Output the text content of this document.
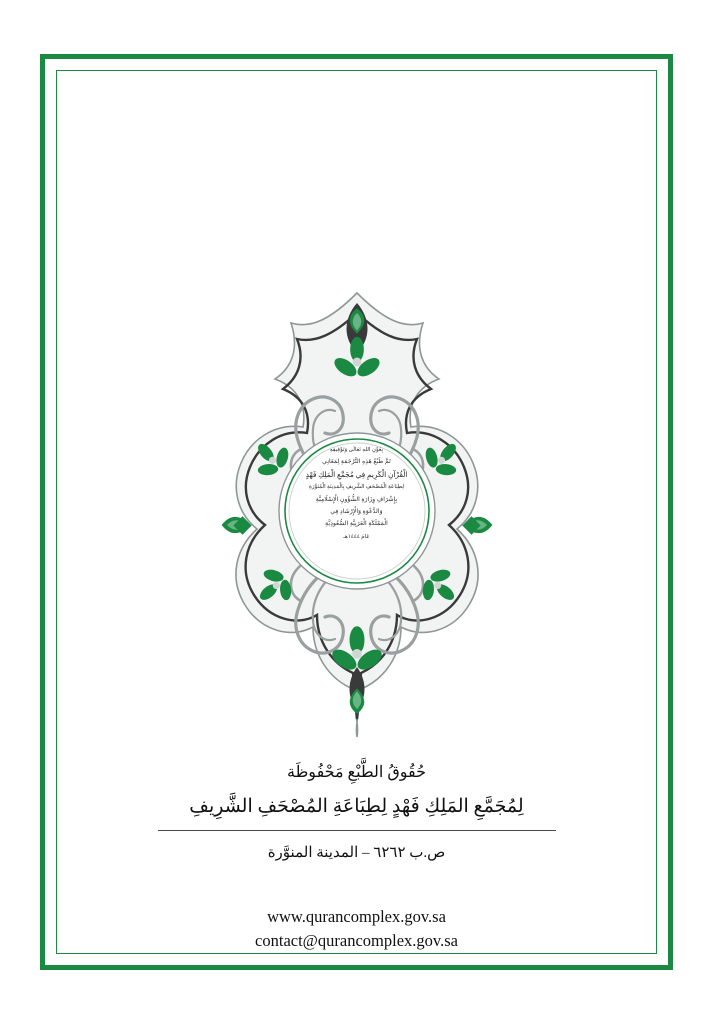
بِعَوْنِ اللهِ تَعَالَى وَتَوْفِيقِهِ
تَمَّ طَبْعُ هَذِهِ التَّرْجَمَةِ لِمَعَانِي
الْقُرْآنِ الْكَرِيمِ فِي مُجَمَّعِ الْمَلِكِ فَهْدٍ
لِطِبَاعَةِ الْمُصْحَفِ الشَّرِيفِ بِالْمَدِينَةِ الْمُنَوَّرَةِ
بِإِشْرَافِ وِزَارَةِ الشُّؤُونِ الْإِسْلَامِيَّةِ
وَالدَّعْوَةِ وَالْإِرْشَادِ فِي
الْمَمْلَكَةِ الْعَرَبِيَّةِ السُّعُودِيَّةِ
عَامَ ١٤٤٤هـ
حُقُوقُ الطَّبْعِ مَحْفُوظَة
لِمُجَمَّعِ المَلِكِ فَهْدٍ لِطِبَاعَةِ المُصْحَفِ الشَّرِيفِ
ص.ب ٦٢٦٢ – المدينة المنوَّرة
www.qurancomplex.gov.sa
contact@qurancomplex.gov.sa
